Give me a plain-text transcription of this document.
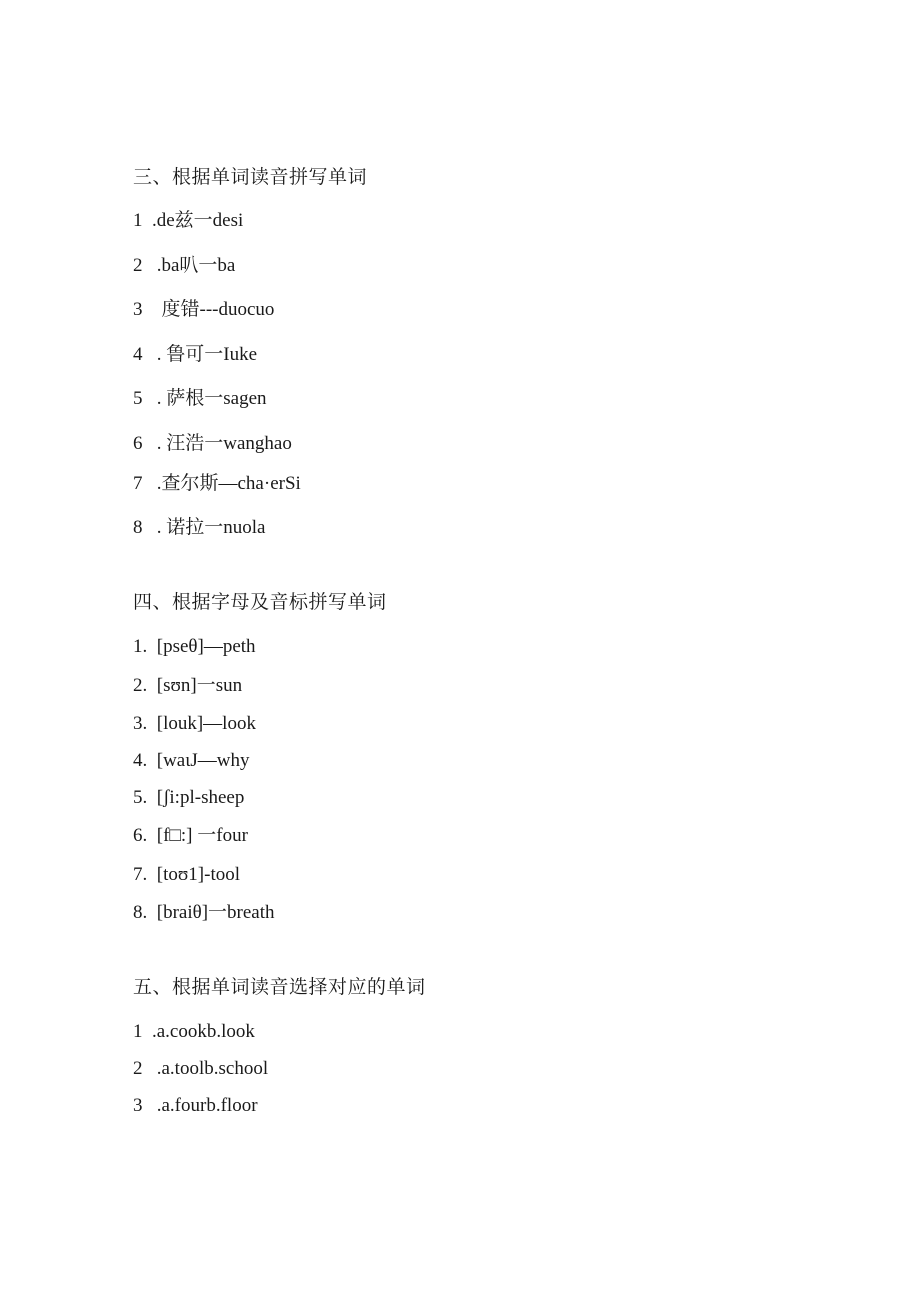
三、根据单词读音拼写单词
1  .de兹一desi
2   .ba叭一ba
3    度错---duocuo
4   . 鲁可一Iuke
5   . 萨根一sagen
6   . 汪浩一wanghao
7   .查尔斯—cha·erSi
8   . 诺拉一nuola
四、根据字母及音标拼写单词
1.  [pseθ]—peth
2.  [sʊn]一sun
3.  [louk]—look
4.  [waɩJ—why
5.  [ʃi:pl-sheep
6.  [f□:] 一four
7.  [toʊ1]-tool
8.  [braiθ]一breath
五、根据单词读音选择对应的单词
1  .a.cookb.look
2   .a.toolb.school
3   .a.fourb.floor
